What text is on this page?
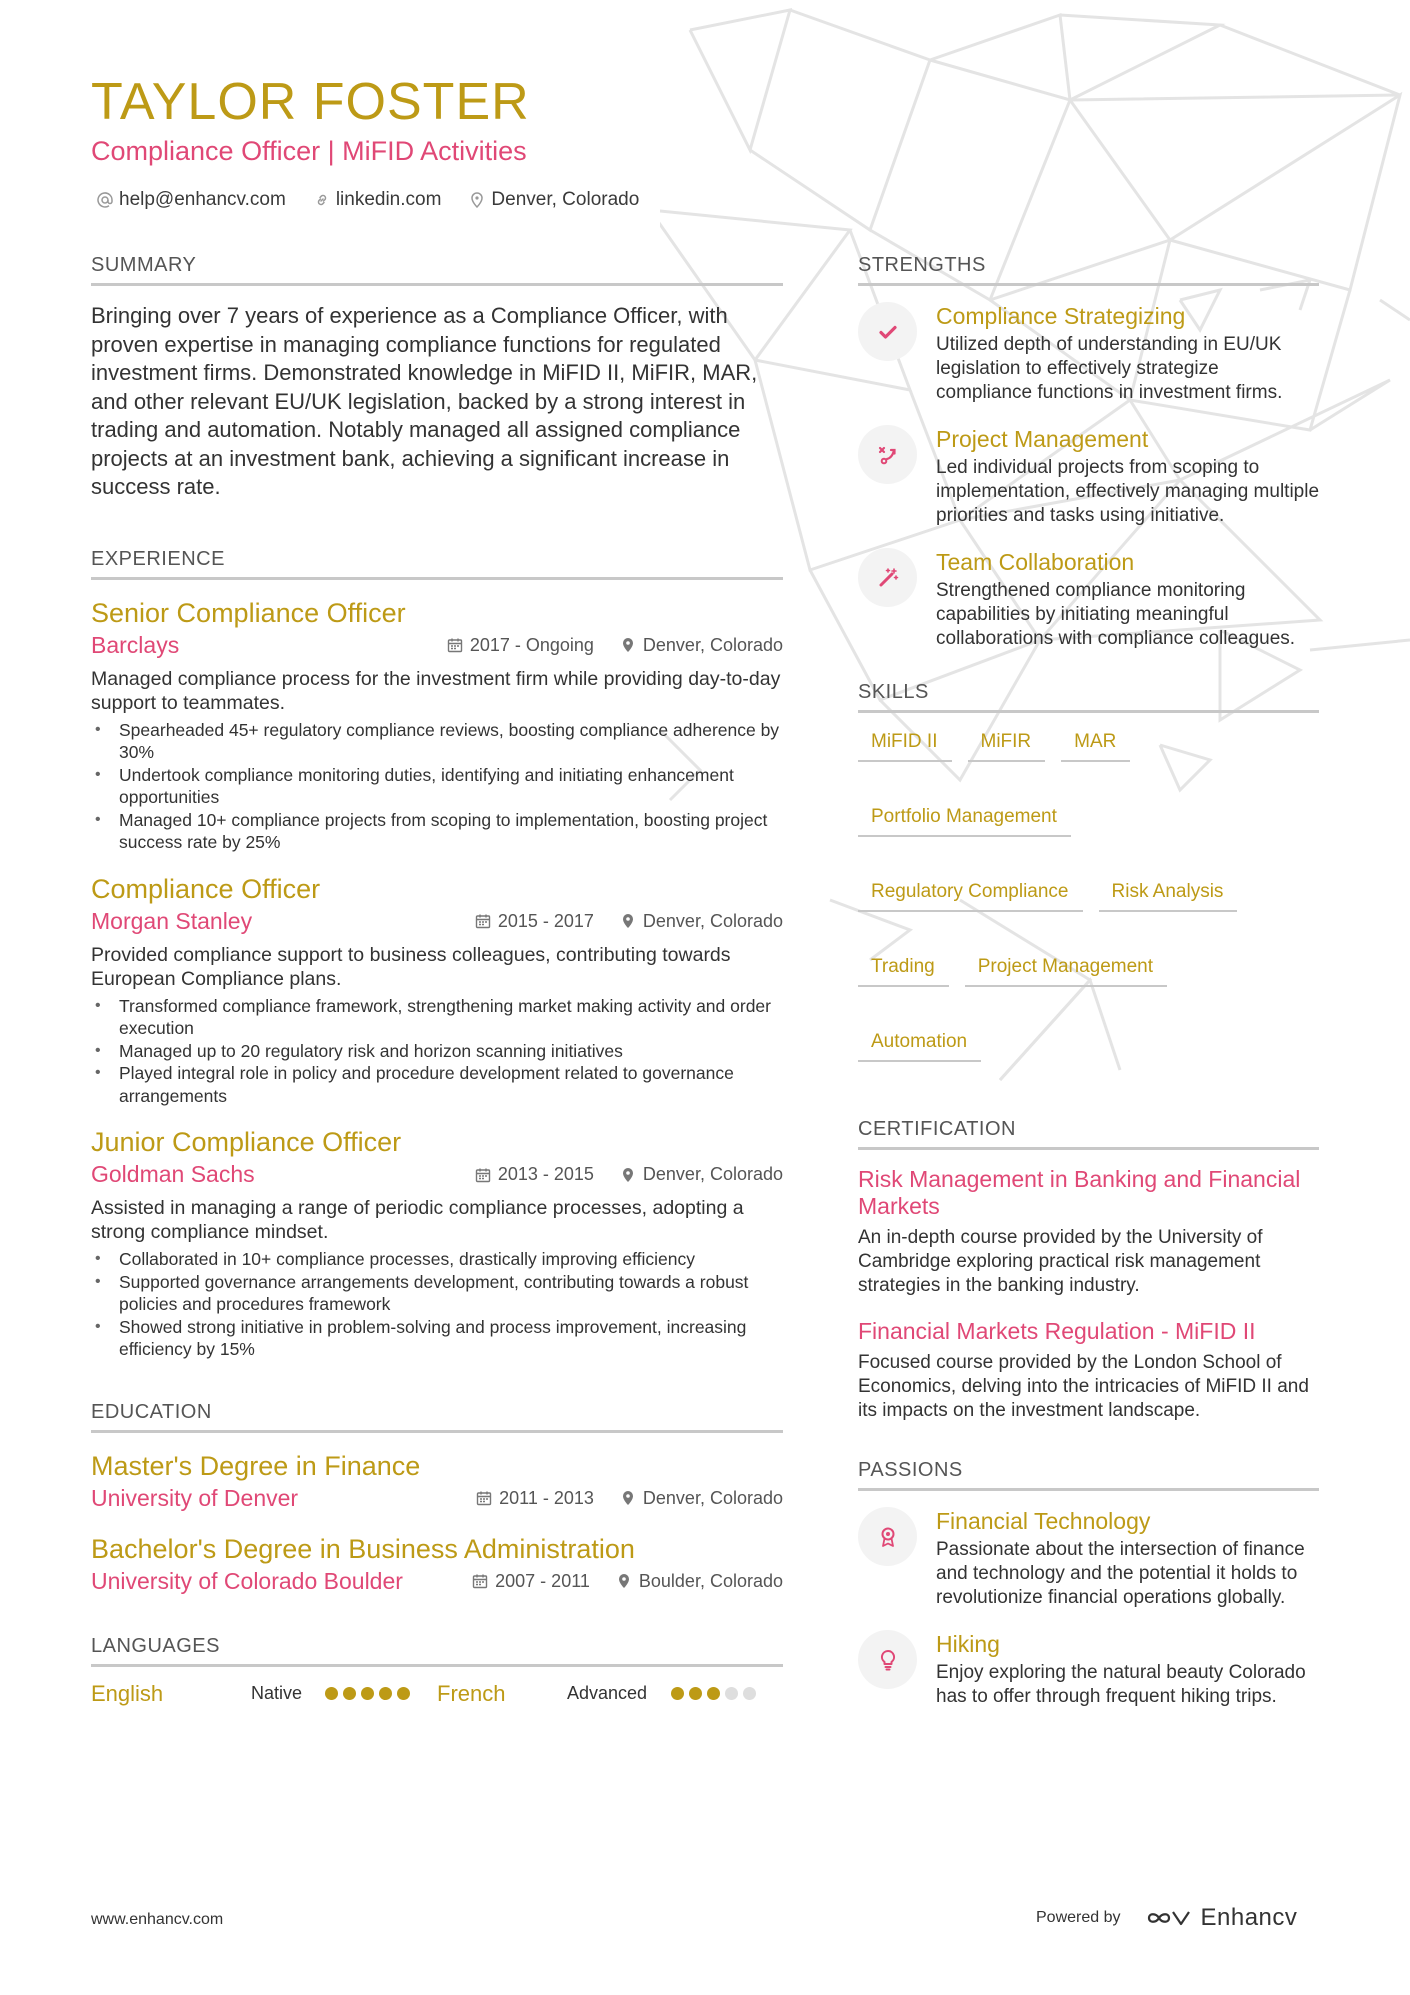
TAYLOR FOSTER
Compliance Officer | MiFID Activities
help@enhancv.com	linkedin.com	Denver, Colorado
SUMMARY

Bringing over 7 years of experience as a Compliance Officer, with proven expertise in managing compliance functions for regulated investment firms. Demonstrated knowledge in MiFID II, MiFIR, MAR, and other relevant EU/UK legislation, backed by a strong interest in trading and automation. Notably managed all assigned compliance projects at an investment bank, achieving a significant increase in success rate.

EXPERIENCE
Senior Compliance Officer
Barclays	2017 - Ongoing	Denver, Colorado

Managed compliance process for the investment firm while providing day-to-day support to teammates.

• Spearheaded 45+ regulatory compliance reviews, boosting compliance adherence by 30%
• Undertook compliance monitoring duties, identifying and initiating enhancement opportunities
• Managed 10+ compliance projects from scoping to implementation, boosting project success rate by 25%
Compliance Officer
Morgan Stanley	2015 - 2017	Denver, Colorado

Provided compliance support to business colleagues, contributing towards European Compliance plans.

• Transformed compliance framework, strengthening market making activity and order execution
• Managed up to 20 regulatory risk and horizon scanning initiatives
• Played integral role in policy and procedure development related to governance arrangements
Junior Compliance Officer
Goldman Sachs	2013 - 2015	Denver, Colorado

Assisted in managing a range of periodic compliance processes, adopting a strong compliance mindset.

• Collaborated in 10+ compliance processes, drastically improving efficiency
• Supported governance arrangements development, contributing towards a robust policies and procedures framework
• Showed strong initiative in problem-solving and process improvement, increasing efficiency by 15%
EDUCATION
Master's Degree in Finance
University of Denver	2011 - 2013	Denver, Colorado
Bachelor's Degree in Business Administration
University of Colorado Boulder	2007 - 2011	Boulder, Colorado
LANGUAGES
English	Native	French	Advanced
STRENGTHS
Compliance Strategizing
Utilized depth of understanding in EU/UK legislation to effectively strategize compliance functions in investment firms.
Project Management
Led individual projects from scoping to implementation, effectively managing multiple priorities and tasks using initiative.
Team Collaboration
Strengthened compliance monitoring capabilities by initiating meaningful collaborations with compliance colleagues.
SKILLS
MiFID II	MiFIR	MAR
Portfolio Management
Regulatory Compliance	Risk Analysis
Trading	Project Management
Automation
CERTIFICATION
Risk Management in Banking and Financial Markets
An in-depth course provided by the University of Cambridge exploring practical risk management strategies in the banking industry.
Financial Markets Regulation - MiFID II
Focused course provided by the London School of Economics, delving into the intricacies of MiFID II and its impacts on the investment landscape.
PASSIONS
Financial Technology
Passionate about the intersection of finance and technology and the potential it holds to revolutionize financial operations globally.
Hiking
Enjoy exploring the natural beauty Colorado has to offer through frequent hiking trips.
www.enhancv.com	Powered by	Enhancv
